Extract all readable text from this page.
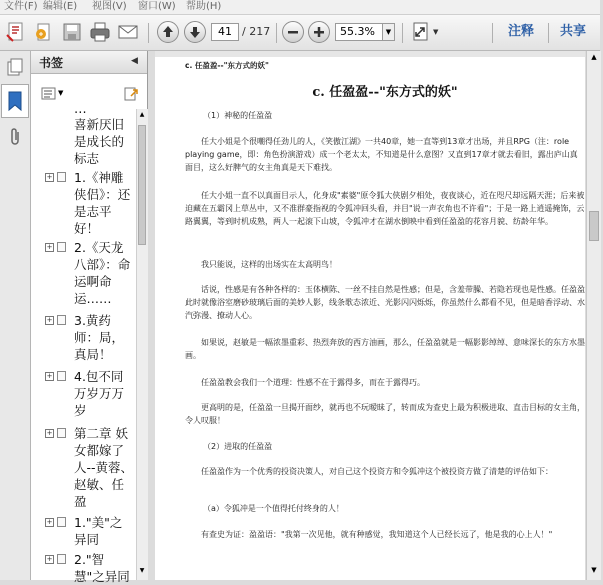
文件(F) 编辑(E) 视图(V) 窗口(W) 帮助(H)
41 / 217	55.3%	▼	▼	注释 共享
书签	◀
▼
⋯
喜新厌旧是成长的标志
+ 1.《神雕侠侣》：还是志平好！
+ 2.《天龙八部》：命运啊命运……
+ 3.黄药师：局，真局！
+ 4.包不同万岁万万岁
+ 第二章 妖女都嫁了人--黄蓉、赵敏、任盈
+ 1."美"之异同
+ 2."智慧"之异同
▲
▼
c. 任盈盈--"东方式的妖"
c. 任盈盈--"东方式的妖"
（1）神秘的任盈盈
任大小姐是个很嘲得任劲儿的人，《笑傲江湖》一共40章，她一直等到13章才出场，并且RPG（注：role playing game，即：角色扮演游戏）成一个老太太，不知道是什么意图？又直到17章才就去看旧，露出庐山真面目，这么好脾气的女主角真是天下难找。
任大小姐一直不以真面目示人，化身成"素婆"原令狐大侠剧夕相处，夜夜谈心，近在咫尺却远隔天涯；后来被迫藏在五霸冈上草丛中，又不准群豪指视的令狐冲回头看，并目"说一声衣角也不许看"；于是一路上逍遥掩饰，云路翼翼，等到时机成熟，两人一起滚下山坡，令狐冲才在湖水倒映中看到任盈盈的花容月貌、纺龄年华。
我只能说，这样的出场实在太高明鸟！
话说，性感是有各种各样的：玉体横陈、一丝不挂自然是性感；但是，含羞带臊、若隐若现也是性感。任盈盈此时就像浴室磨砂玻璃后面的美妙人影，线条歌态浓近、光影闪闪烁烁，你虽然什么都看不见，但是暗香浮动、水汽弥漫、撩动人心。
如果说，赵敏是一幅浓墨重彩、热烈奔放的西方油画，那么，任盈盈就是一幅影影绰绰、意味深长的东方水墨画。
任盈盈教会我们一个道理：性感不在于露得多，而在于露得巧。
更高明的是，任盈盈一旦揭开面纱，就再也不玩暧昧了，转而成为查史上最为积极进取、直击目标的女主角，令人叹服！
（2）进取的任盈盈
任盈盈作为一个优秀的投资决策人，对自己这个投资方和令狐冲这个被投资方做了清楚的评估如下：
（a）令狐冲是一个值得托付终身的人！
有查史为证：盈盈语："我第一次见他，就有种感觉，我知道这个人已经长远了，他是我的心上人！"
▲
▼
